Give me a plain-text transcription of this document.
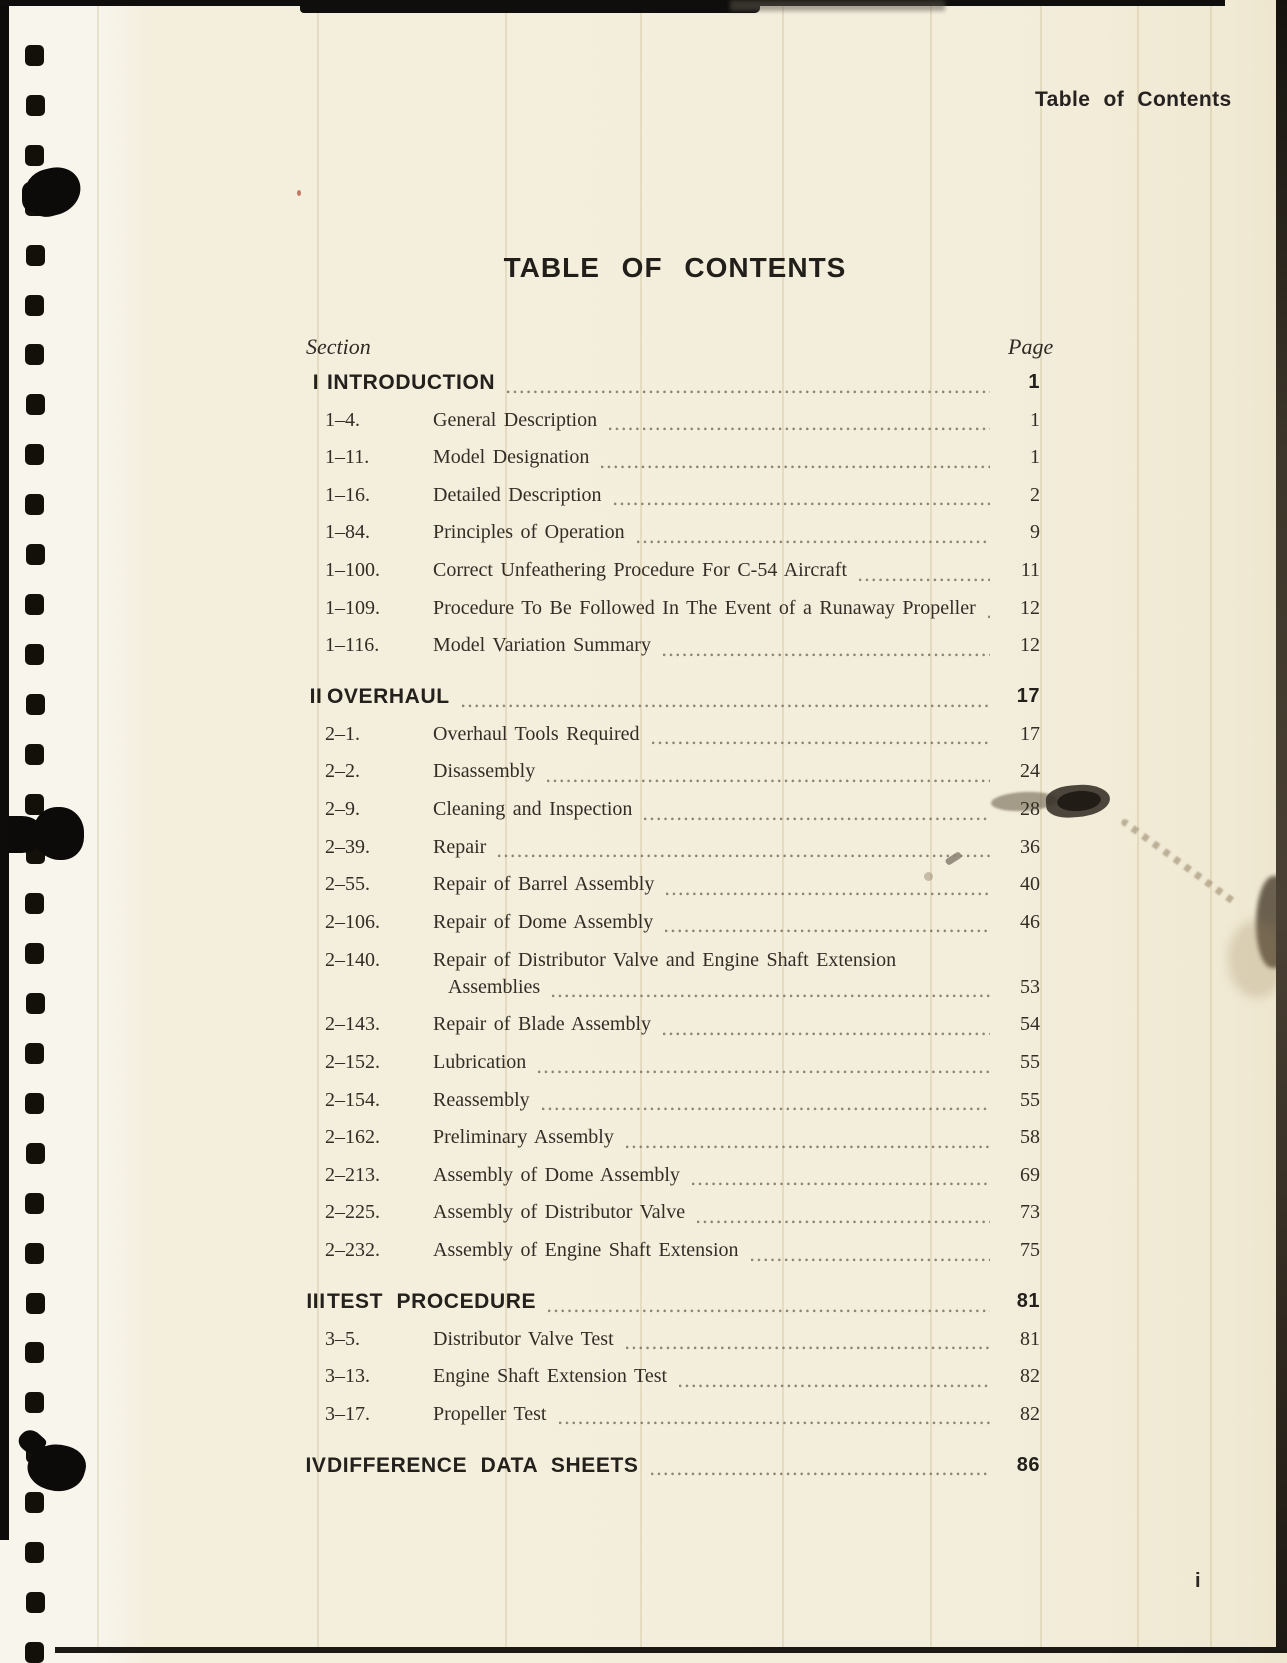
Table of Contents
TABLE OF CONTENTS
Section	Page
I INTRODUCTION	1
1–4.	General Description	1
1–11.	Model Designation	1
1–16.	Detailed Description	2
1–84.	Principles of Operation	9
1–100.	Correct Unfeathering Procedure For C-54 Aircraft	11
1–109.	Procedure To Be Followed In The Event of a Runaway Propeller	12
1–116.	Model Variation Summary	12
II OVERHAUL	17
2–1.	Overhaul Tools Required	17
2–2.	Disassembly	24
2–9.	Cleaning and Inspection	28
2–39.	Repair	36
2–55.	Repair of Barrel Assembly	40
2–106.	Repair of Dome Assembly	46
2–140.	Repair of Distributor Valve and Engine Shaft Extension
Assemblies	53
2–143.	Repair of Blade Assembly	54
2–152.	Lubrication	55
2–154.	Reassembly	55
2–162.	Preliminary Assembly	58
2–213.	Assembly of Dome Assembly	69
2–225.	Assembly of Distributor Valve	73
2–232.	Assembly of Engine Shaft Extension	75
III TEST PROCEDURE	81
3–5.	Distributor Valve Test	81
3–13.	Engine Shaft Extension Test	82
3–17.	Propeller Test	82
IV DIFFERENCE DATA SHEETS	86
i
